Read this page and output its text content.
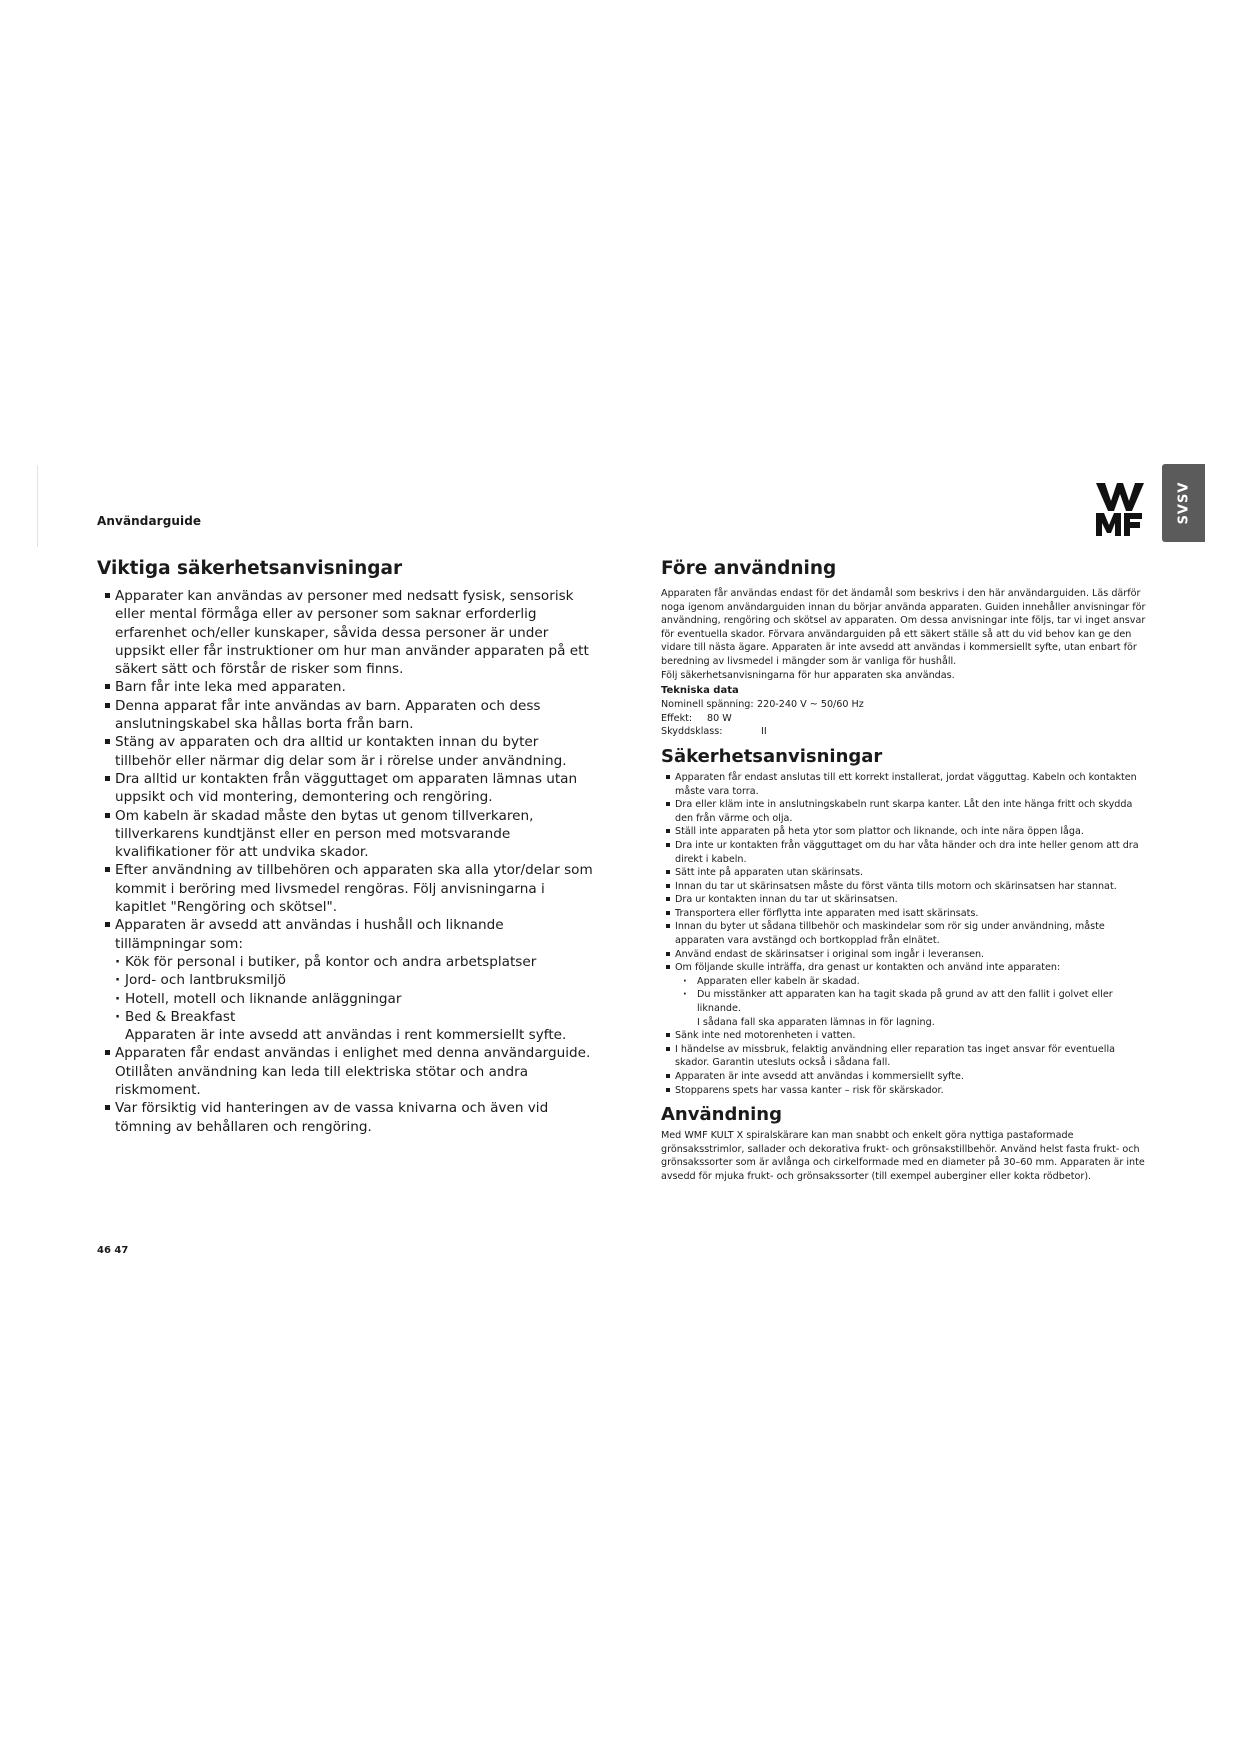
Användarguide	SVSV
Viktiga säkerhetsanvisningar
Apparater kan användas av personer med nedsatt fysisk, sensorisk eller mental förmåga eller av personer som saknar erforderlig erfarenhet och/eller kunskaper, såvida dessa personer är under uppsikt eller får instruktioner om hur man använder apparaten på ett säkert sätt och förstår de risker som finns.
Barn får inte leka med apparaten.
Denna apparat får inte användas av barn. Apparaten och dess anslutningskabel ska hållas borta från barn.
Stäng av apparaten och dra alltid ur kontakten innan du byter tillbehör eller närmar dig delar som är i rörelse under användning.
Dra alltid ur kontakten från vägguttaget om apparaten lämnas utan uppsikt och vid montering, demontering och rengöring.
Om kabeln är skadad måste den bytas ut genom tillverkaren, tillverkarens kundtjänst eller en person med motsvarande kvalifikationer för att undvika skador.
Efter användning av tillbehören och apparaten ska alla ytor/delar som kommit i beröring med livsmedel rengöras. Följ anvisningarna i kapitlet "Rengöring och skötsel".
Apparaten är avsedd att användas i hushåll och liknande tillämpningar som:
· Kök för personal i butiker, på kontor och andra arbetsplatser
· Jord- och lantbruksmiljö
· Hotell, motell och liknande anläggningar
· Bed & Breakfast
Apparaten är inte avsedd att användas i rent kommersiellt syfte.
Apparaten får endast användas i enlighet med denna användarguide. Otillåten användning kan leda till elektriska stötar och andra riskmoment.
Var försiktig vid hanteringen av de vassa knivarna och även vid tömning av behållaren och rengöring.
Före användning

Apparaten får användas endast för det ändamål som beskrivs i den här användarguiden. Läs därför noga igenom användarguiden innan du börjar använda apparaten. Guiden innehåller anvisningar för användning, rengöring och skötsel av apparaten. Om dessa anvisningar inte följs, tar vi inget ansvar för eventuella skador. Förvara användarguiden på ett säkert ställe så att du vid behov kan ge den vidare till nästa ägare. Apparaten är inte avsedd att användas i kommersiellt syfte, utan enbart för beredning av livsmedel i mängder som är vanliga för hushåll.

Följ säkerhetsanvisningarna för hur apparaten ska användas.

Tekniska data
Nominell spänning: 220-240 V ~ 50/60 Hz
Effekt:	80 W
Skyddsklass:	II
Säkerhetsanvisningar
Apparaten får endast anslutas till ett korrekt installerat, jordat vägguttag. Kabeln och kontakten måste vara torra.
Dra eller kläm inte in anslutningskabeln runt skarpa kanter. Låt den inte hänga fritt och skydda den från värme och olja.
Ställ inte apparaten på heta ytor som plattor och liknande, och inte nära öppen låga.
Dra inte ur kontakten från vägguttaget om du har våta händer och dra inte heller genom att dra direkt i kabeln.
Sätt inte på apparaten utan skärinsats.
Innan du tar ut skärinsatsen måste du först vänta tills motorn och skärinsatsen har stannat.
Dra ur kontakten innan du tar ut skärinsatsen.
Transportera eller förflytta inte apparaten med isatt skärinsats.
Innan du byter ut sådana tillbehör och maskindelar som rör sig under användning, måste apparaten vara avstängd och bortkopplad från elnätet.
Använd endast de skärinsatser i original som ingår i leveransen.
Om följande skulle inträffa, dra genast ur kontakten och använd inte apparaten:
· Apparaten eller kabeln är skadad.
· Du misstänker att apparaten kan ha tagit skada på grund av att den fallit i golvet eller liknande.
I sådana fall ska apparaten lämnas in för lagning.
Sänk inte ned motorenheten i vatten.
I händelse av missbruk, felaktig användning eller reparation tas inget ansvar för eventuella skador. Garantin utesluts också i sådana fall.
Apparaten är inte avsedd att användas i kommersiellt syfte.
Stopparens spets har vassa kanter – risk för skärskador.
Användning

Med WMF KULT X spiralskärare kan man snabbt och enkelt göra nyttiga pastaformade grönsaksstrimlor, sallader och dekorativa frukt- och grönsakstillbehör. Använd helst fasta frukt- och grönsakssorter som är avlånga och cirkelformade med en diameter på 30–60 mm. Apparaten är inte avsedd för mjuka frukt- och grönsakssorter (till exempel auberginer eller kokta rödbetor).

46 47
